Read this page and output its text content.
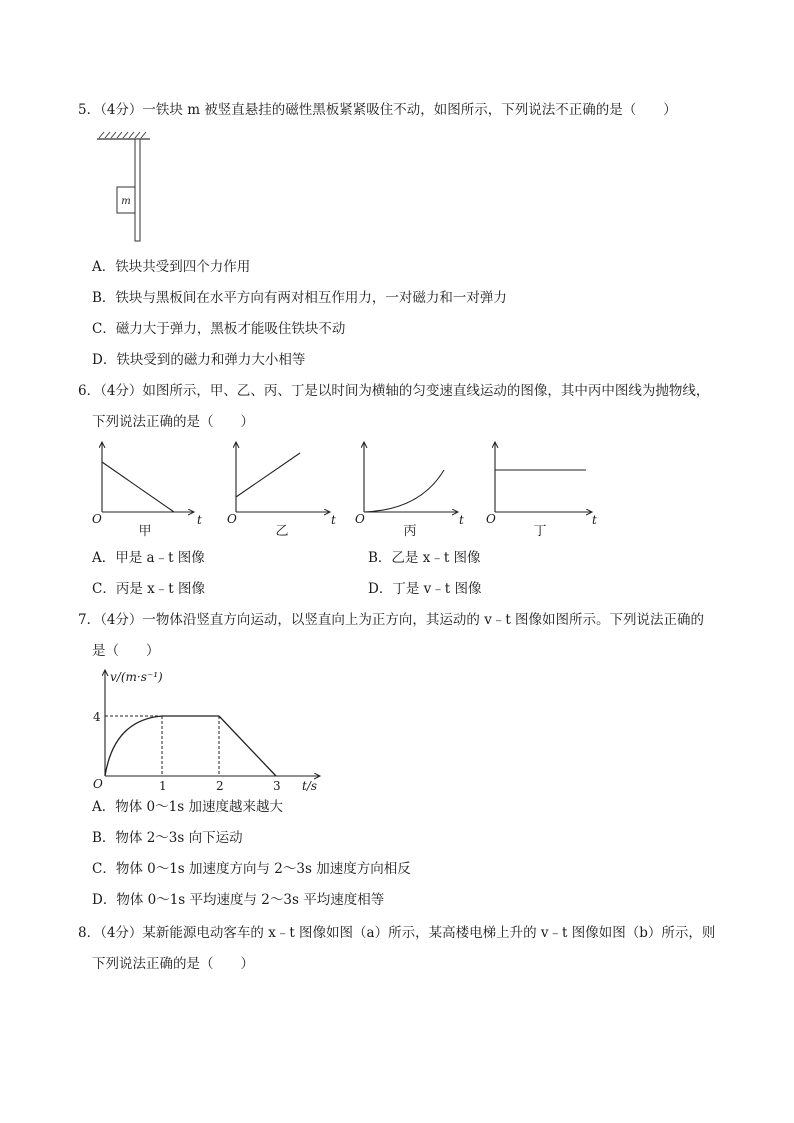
5．（4分）一铁块 m 被竖直悬挂的磁性黑板紧紧吸住不动，如图所示，下列说法不正确的是（　　）
m
A．铁块共受到四个力作用
B．铁块与黑板间在水平方向有两对相互作用力，一对磁力和一对弹力
C．磁力大于弹力，黑板才能吸住铁块不动
D．铁块受到的磁力和弹力大小相等
6．（4分）如图所示，甲、乙、丙、丁是以时间为横轴的匀变速直线运动的图像，其中丙中图线为抛物线，
下列说法正确的是（　　）
O	t
甲
O	t
乙
O	t
丙
O	t
丁
A．甲是 a﹣t 图像	B．乙是 x﹣t 图像
C．丙是 x﹣t 图像	D．丁是 v﹣t 图像
7．（4分）一物体沿竖直方向运动，以竖直向上为正方向，其运动的 v﹣t 图像如图所示。下列说法正确的
是（　　）
v/(m·s⁻¹)
t/s
O
4
1	2	3
A．物体 0～1s 加速度越来越大
B．物体 2～3s 向下运动
C．物体 0～1s 加速度方向与 2～3s 加速度方向相反
D．物体 0～1s 平均速度与 2～3s 平均速度相等
8．（4分）某新能源电动客车的 x﹣t 图像如图（a）所示，某高楼电梯上升的 v﹣t 图像如图（b）所示，则
下列说法正确的是（　　）
